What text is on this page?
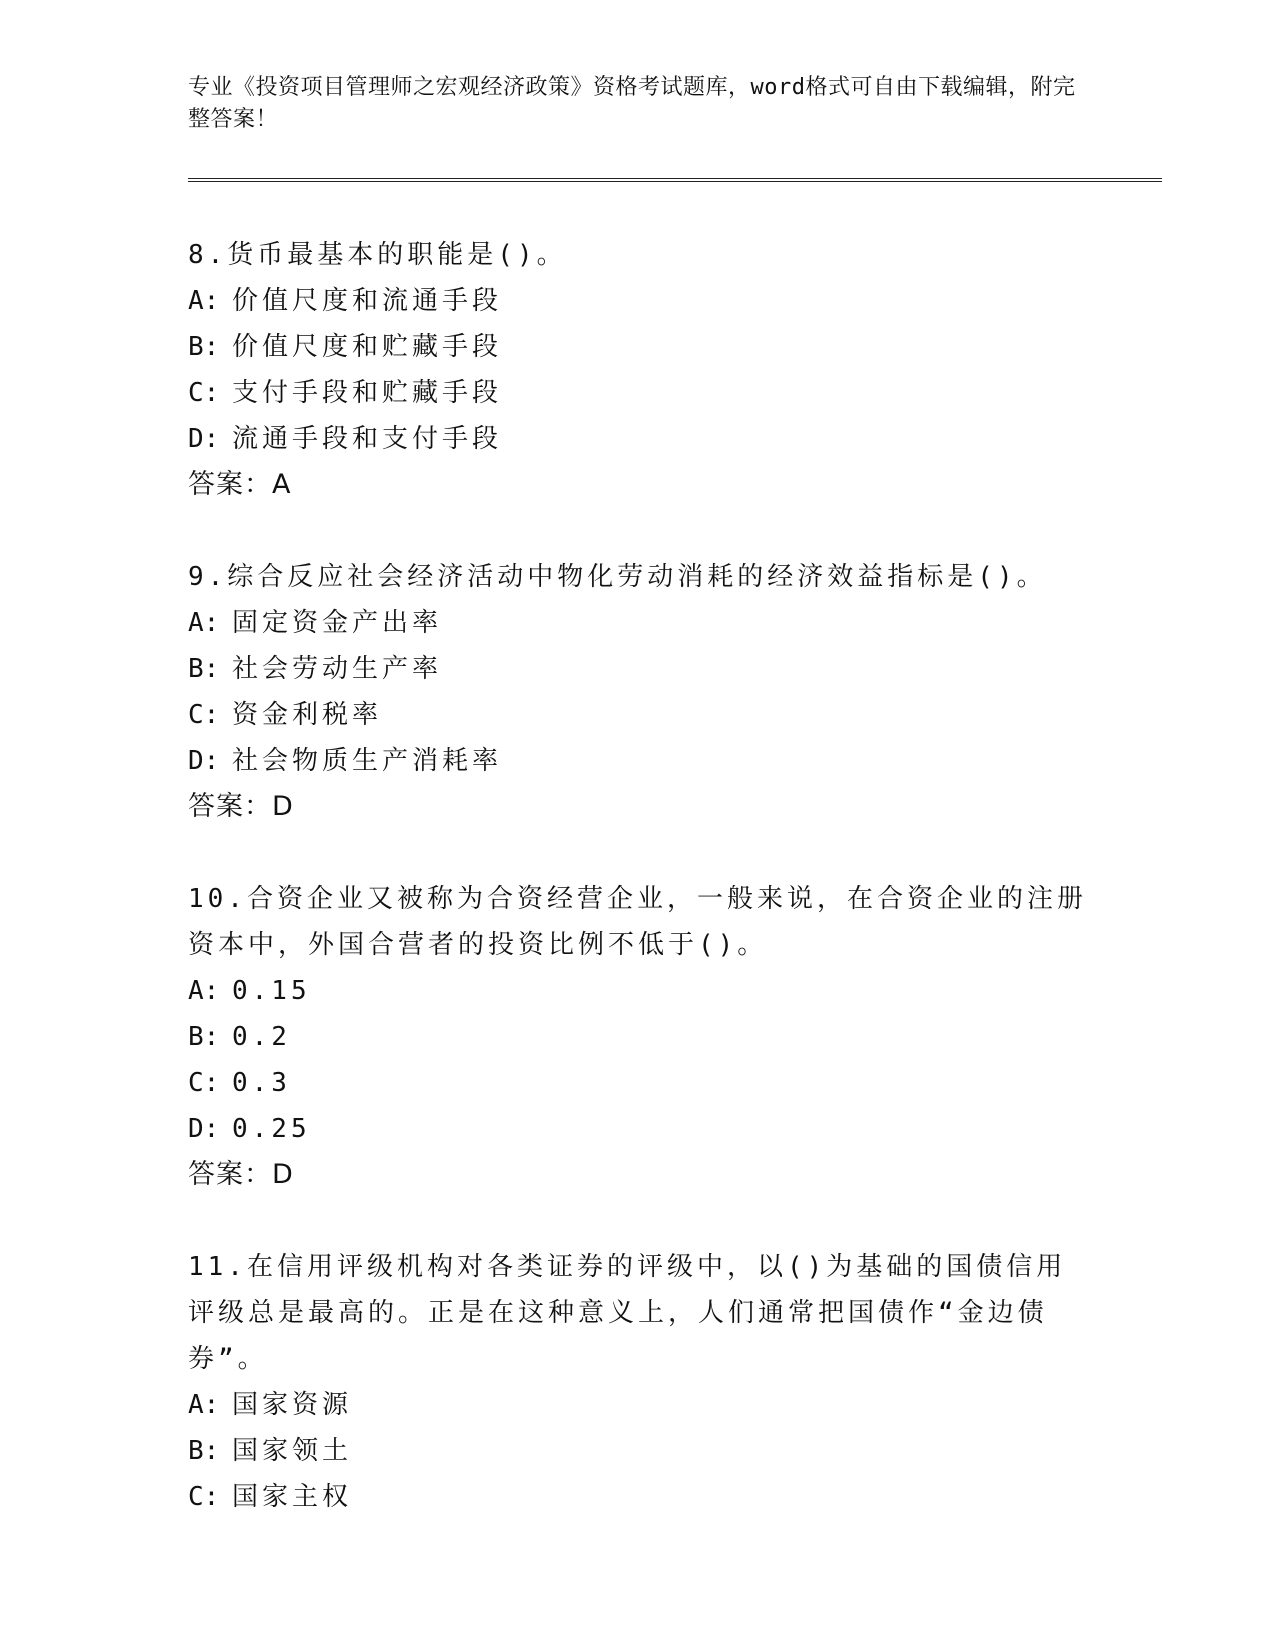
专业《投资项目管理师之宏观经济政策》资格考试题库，word格式可自由下载编辑，附完整答案！
8.货币最基本的职能是()。
A: 价值尺度和流通手段
B: 价值尺度和贮藏手段
C: 支付手段和贮藏手段
D: 流通手段和支付手段
答案：A
9.综合反应社会经济活动中物化劳动消耗的经济效益指标是()。
A: 固定资金产出率
B: 社会劳动生产率
C: 资金利税率
D: 社会物质生产消耗率
答案：D
10.合资企业又被称为合资经营企业，一般来说，在合资企业的注册资本中，外国合营者的投资比例不低于()。
A: 0.15
B: 0.2
C: 0.3
D: 0.25
答案：D
11.在信用评级机构对各类证券的评级中，以()为基础的国债信用评级总是最高的。正是在这种意义上，人们通常把国债作“金边债券”。
A: 国家资源
B: 国家领土
C: 国家主权
